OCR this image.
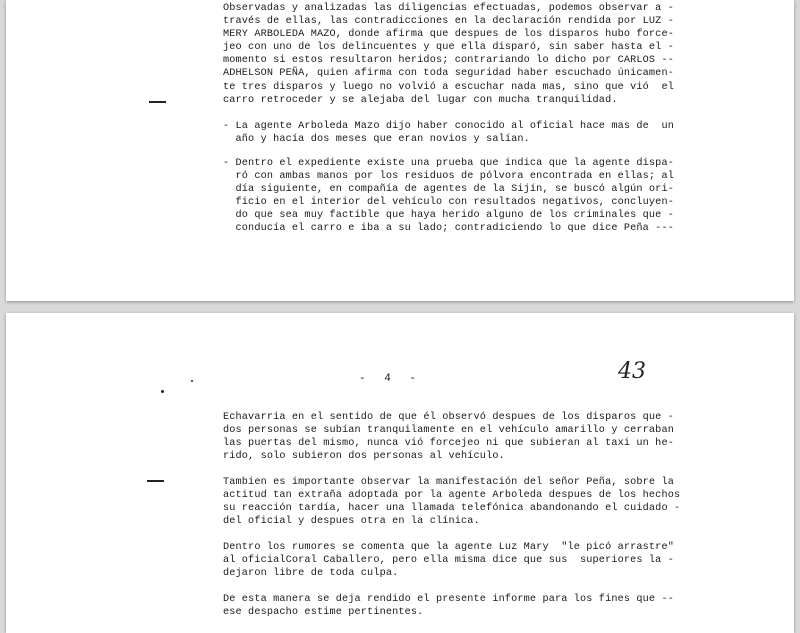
Observadas y analizadas las diligencias efectuadas, podemos observar a -

través de ellas, las contradicciones en la declaración rendida por LUZ -

MERY ARBOLEDA MAZO, donde afirma que despues de los disparos hubo force-

jeo con uno de los delincuentes y que ella disparó, sin saber hasta el -

momento si estos resultaron heridos; contrariando lo dicho por CARLOS --

ADHELSON PEÑA, quien afirma con toda seguridad haber escuchado únicamen-

te tres disparos y luego no volvió a escuchar nada mas, sino que vió  el

carro retroceder y se alejaba del lugar con mucha tranquilidad.

- La agente Arboleda Mazo dijo haber conocido al oficial hace mas de  un

año y hacía dos meses que eran novios y salían.

- Dentro el expediente existe una prueba que indica que la agente dispa-

ró con ambas manos por los residuos de pólvora encontrada en ellas; al

día siguiente, en compañía de agentes de la Sijín, se buscó algún ori-

ficio en el interior del vehículo con resultados negativos, concluyen-

do que sea muy factible que haya herido alguno de los criminales que -

conducía el carro e iba a su lado; contradiciendo lo que dice Peña ---

- 4 -	43

Echavarria en el sentido de que él observó despues de los disparos que -

dos personas se subían tranquilamente en el vehículo amarillo y cerraban

las puertas del mismo, nunca vió forcejeo ni que subieran al taxi un he-

rido, solo subieron dos personas al vehículo.

Tambien es importante observar la manifestación del señor Peña, sobre la

actitud tan extraña adoptada por la agente Arboleda despues de los hechos

su reacción tardía, hacer una llamada telefónica abandonando el cuidado -

del oficial y despues otra en la clínica.

Dentro los rumores se comenta que la agente Luz Mary  "le picó arrastre"

al oficialCoral Caballero, pero ella misma dice que sus  superiores la -

dejaron libre de toda culpa.

De esta manera se deja rendido el presente informe para los fines que --

ese despacho estime pertinentes.
